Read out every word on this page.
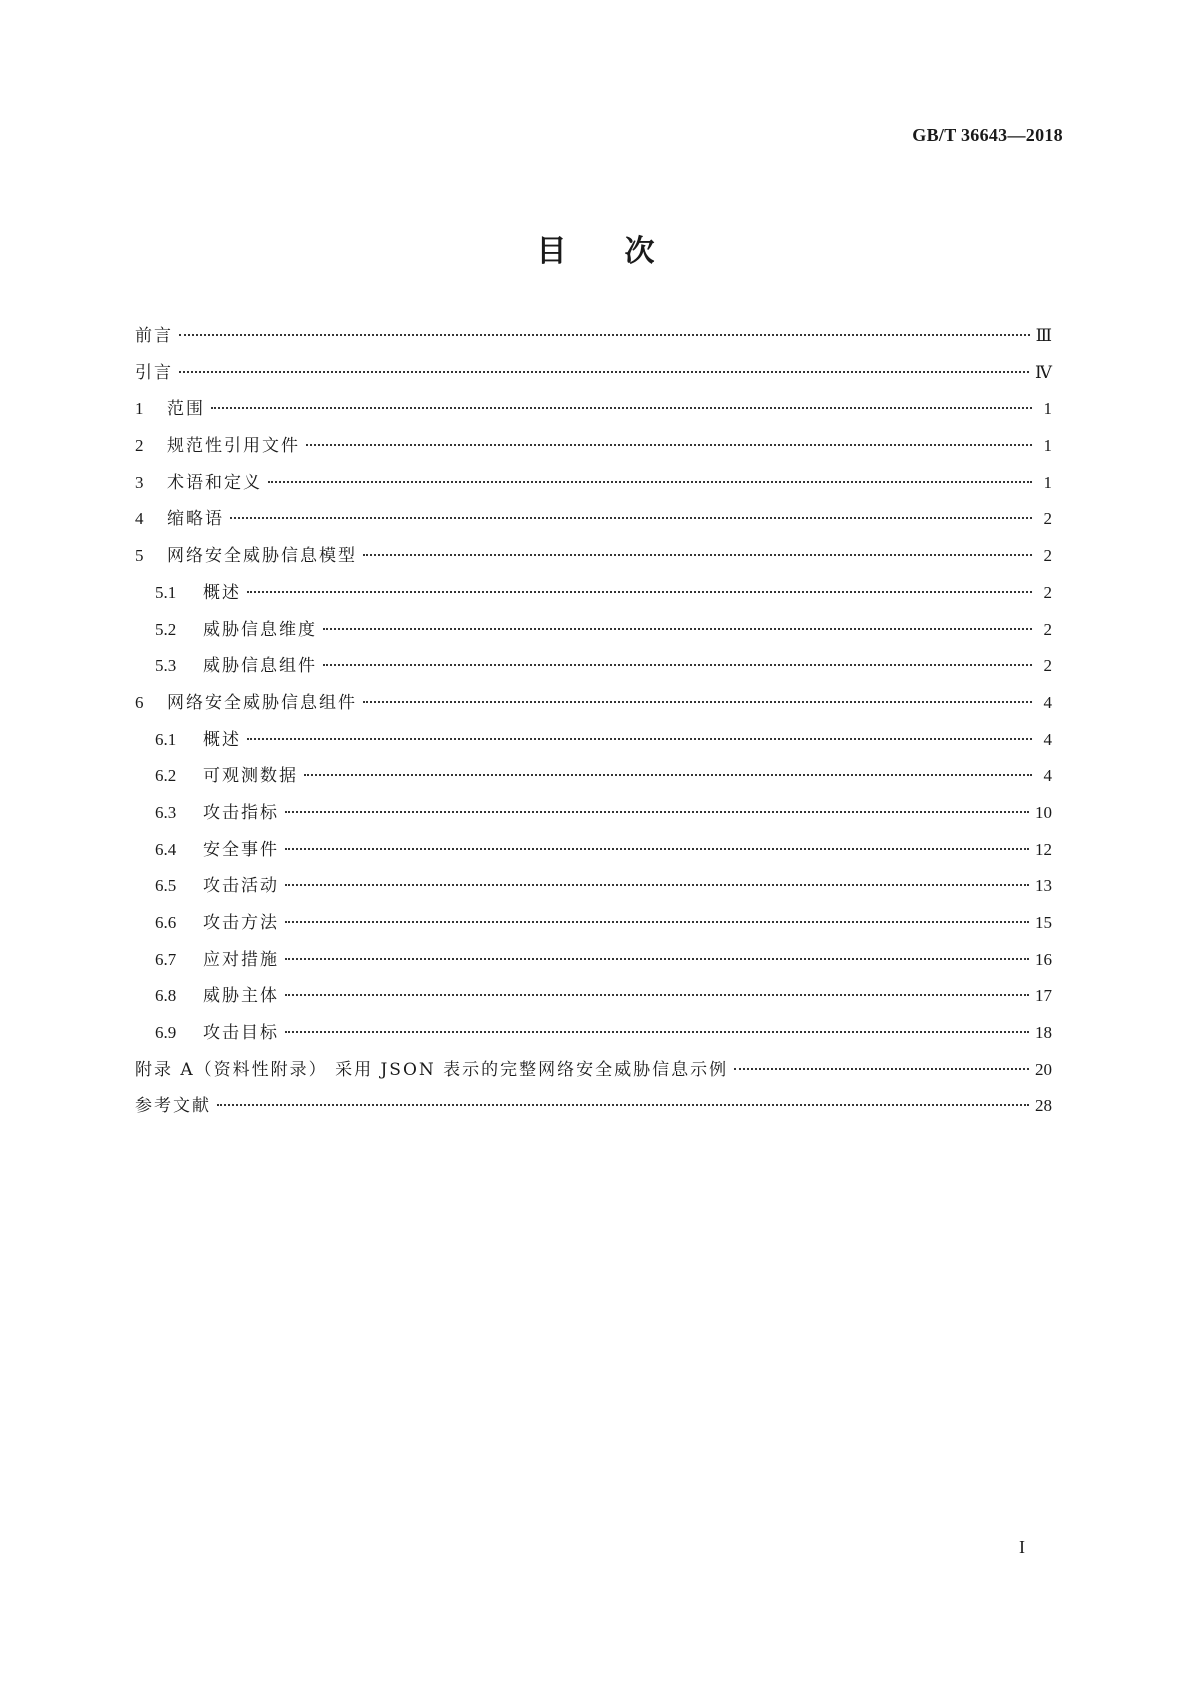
GB/T 36643—2018
目 次
前言	Ⅲ
引言	Ⅳ
1	范围	1
2	规范性引用文件	1
3	术语和定义	1
4	缩略语	2
5	网络安全威胁信息模型	2
5.1	概述	2
5.2	威胁信息维度	2
5.3	威胁信息组件	2
6	网络安全威胁信息组件	4
6.1	概述	4
6.2	可观测数据	4
6.3	攻击指标	10
6.4	安全事件	12
6.5	攻击活动	13
6.6	攻击方法	15
6.7	应对措施	16
6.8	威胁主体	17
6.9	攻击目标	18
附录 A（资料性附录） 采用 JSON 表示的完整网络安全威胁信息示例	20
参考文献	28
I
